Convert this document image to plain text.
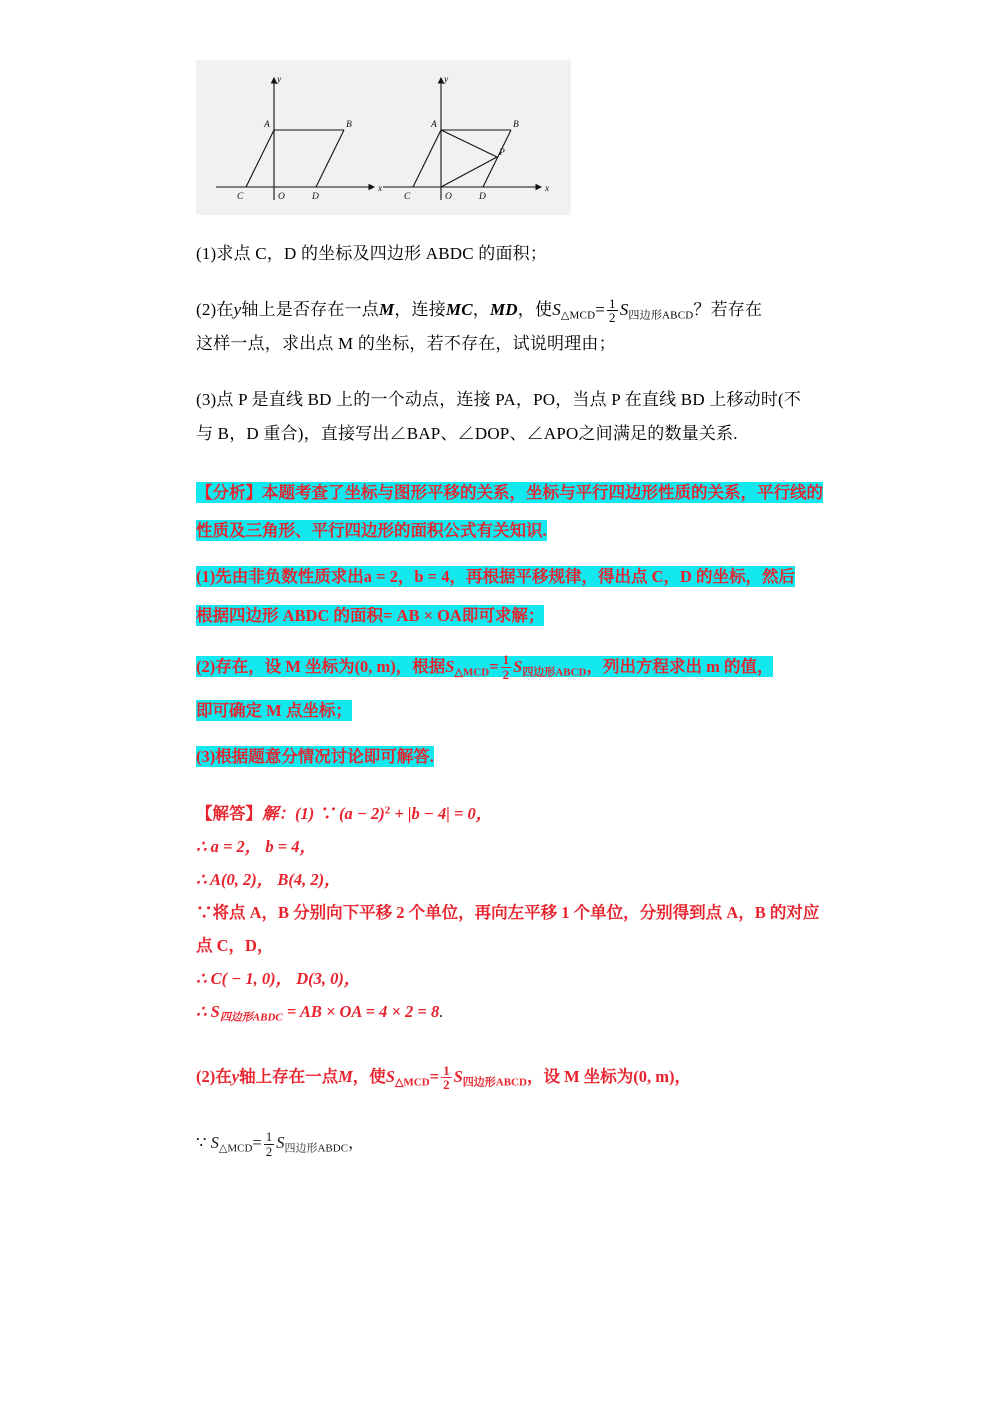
y
x
A	B
C	O	D
y
x
A	B
C	O	D
P
(1)求点 C，D 的坐标及四边形 ABDC 的面积；
(2)在y轴上是否存在一点M，连接MC，MD，使$S_{\triangle MCD}= \frac{1}{2} S_{四边形ABCD}$？若存在
这样一点，求出点 M 的坐标，若不存在，试说明理由；
(3)点 P 是直线 BD 上的一个动点，连接 PA，PO，当点 P 在直线 BD 上移动时(不
与 B，D 重合)，直接写出∠BAP、∠DOP、∠APO之间满足的数量关系.

【分析】本题考查了坐标与图形平移的关系，坐标与平行四边形性质的关系，平行线的

性质及三角形、平行四边形的面积公式有关知识.

(1)先由非负数性质求出a = 2，b = 4，再根据平移规律，得出点 C，D 的坐标，然后

根据四边形 ABDC 的面积= AB × OA即可求解；

(2)存在，设 M 坐标为(0, m)，根据$S_{\triangle MCD}= \frac{1}{2} S_{四边形ABCD}$，列出方程求出 m 的值，

即可确定 M 点坐标；

(3)根据题意分情况讨论即可解答.

【解答】解：(1) ∵ $(a - 2)^2 + |b - 4| = 0$，

∴ a = 2， b = 4，

∴ A(0, 2)， B(4, 2)，

∵将点 A，B 分别向下平移 2 个单位，再向左平移 1 个单位，分别得到点 A，B 的对应

点 C，D，

∴ C( − 1, 0)， D(3, 0)，

∴ $S_{四边形ABDC}$ = AB × OA = 4 × 2 = 8.

(2)在y轴上存在一点M，使$S_{\triangle MCD}= \frac{1}{2} S_{四边形ABCD}$，设 M 坐标为(0, m)，

∵ $S_{\triangle MCD}= \frac{1}{2} S_{四边形ABDC}$，
